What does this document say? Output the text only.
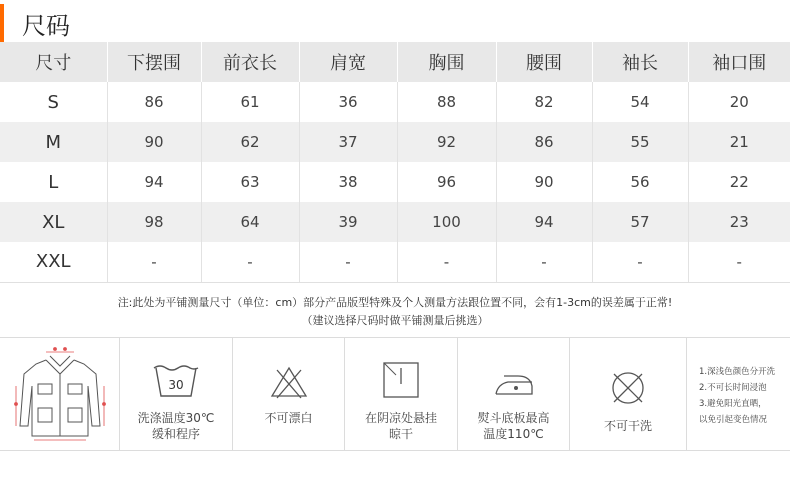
尺码
尺寸	下摆围	前衣长	肩宽	胸围	腰围	袖长	袖口围
S	86	61	36	88	82	54	20
M	90	62	37	92	86	55	21
L	94	63	38	96	90	56	22
XL	98	64	39	100	94	57	23
XXL	-	-	-	-	-	-	-
注:此处为平铺测量尺寸（单位：cm）部分产品版型特殊及个人测量方法跟位置不同，会有1-3cm的误差属于正常!
（建议选择尺码时做平铺测量后挑选）
30
洗涤温度30℃
缓和程序
不可漂白	在阴凉处悬挂
晾干
熨斗底板最高
温度110℃
不可干洗
1.深浅色颜色分开洗
2.不可长时间浸泡
3.避免阳光直晒，
以免引起变色情况
